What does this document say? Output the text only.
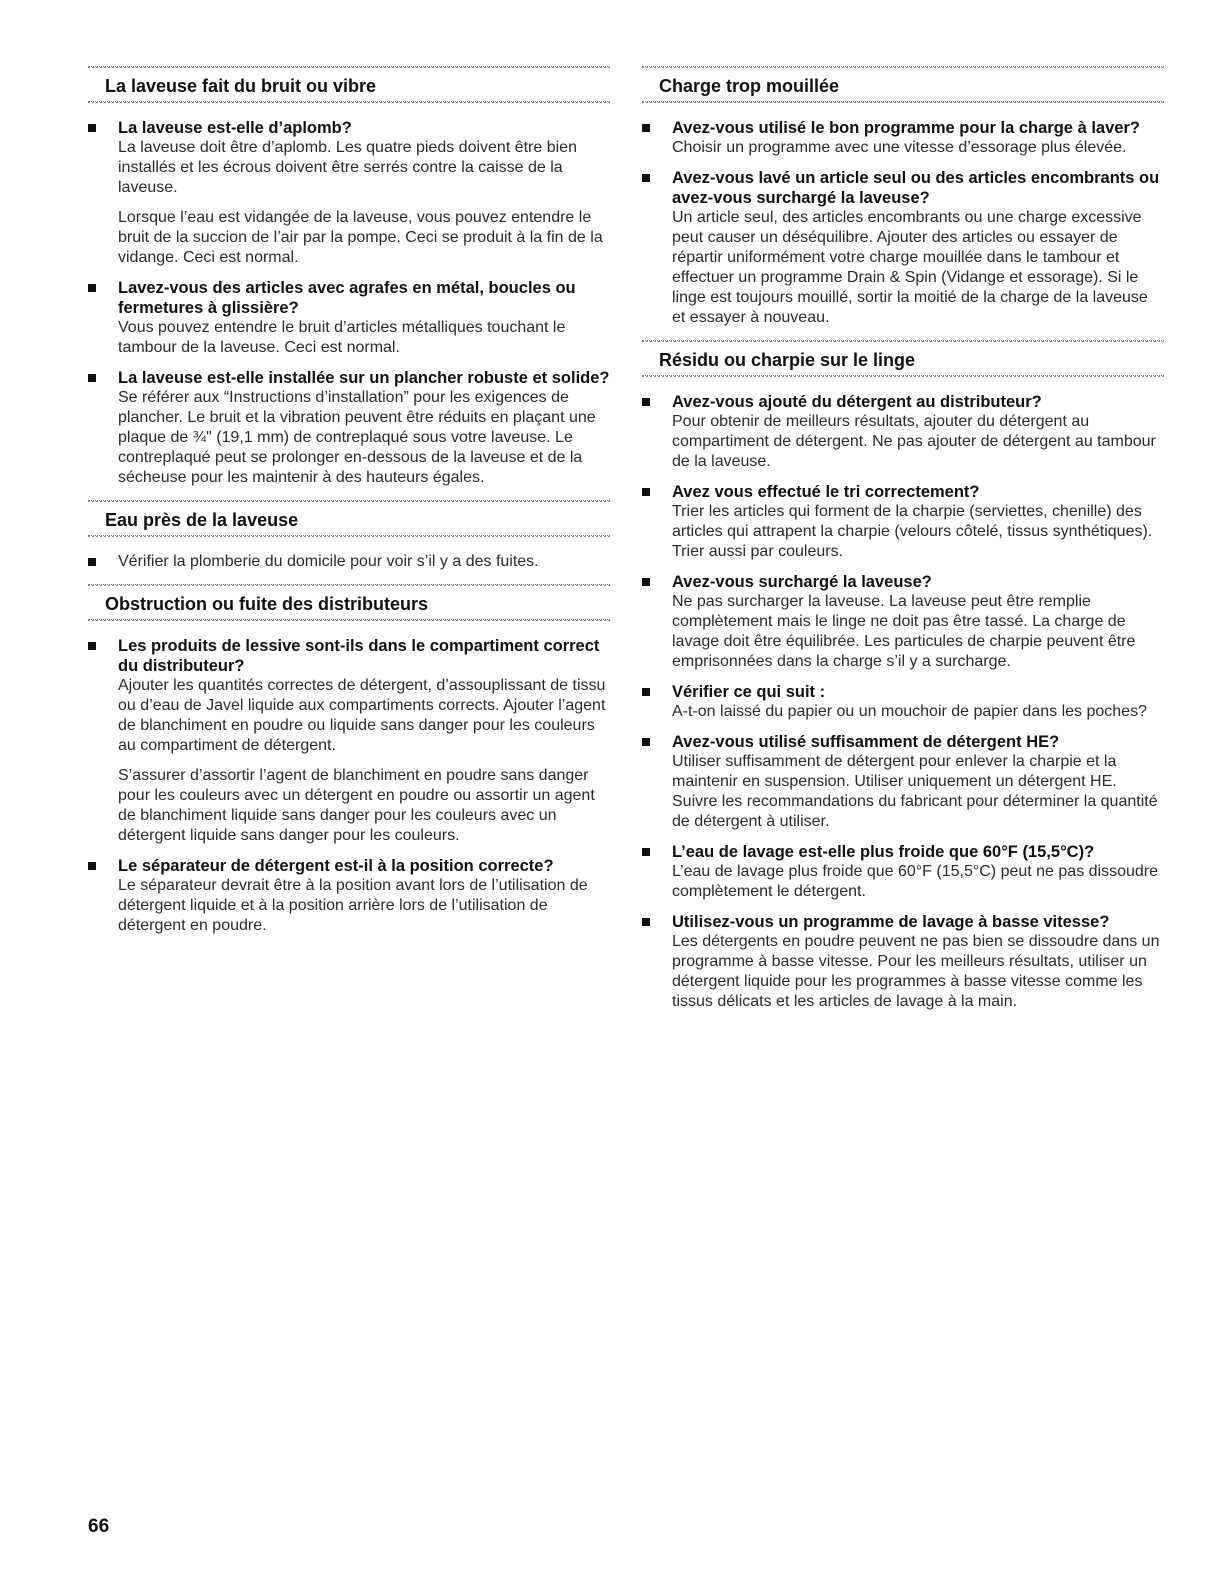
La laveuse fait du bruit ou vibre
La laveuse est-elle d’aplomb?

La laveuse doit être d’aplomb. Les quatre pieds doivent être bien installés et les écrous doivent être serrés contre la caisse de la laveuse.

Lorsque l’eau est vidangée de la laveuse, vous pouvez entendre le bruit de la succion de l’air par la pompe. Ceci se produit à la fin de la vidange. Ceci est normal.

Lavez-vous des articles avec agrafes en métal, boucles ou fermetures à glissière?

Vous pouvez entendre le bruit d’articles métalliques touchant le tambour de la laveuse. Ceci est normal.

La laveuse est-elle installée sur un plancher robuste et solide?

Se référer aux “Instructions d’installation” pour les exigences de plancher. Le bruit et la vibration peuvent être réduits en plaçant une plaque de ¾" (19,1 mm) de contreplaqué sous votre laveuse. Le contreplaqué peut se prolonger en-dessous de la laveuse et de la sécheuse pour les maintenir à des hauteurs égales.

Eau près de la laveuse

Vérifier la plomberie du domicile pour voir s’il y a des fuites.

Obstruction ou fuite des distributeurs
Les produits de lessive sont-ils dans le compartiment correct du distributeur?

Ajouter les quantités correctes de détergent, d’assouplissant de tissu ou d’eau de Javel liquide aux compartiments corrects. Ajouter l’agent de blanchiment en poudre ou liquide sans danger pour les couleurs au compartiment de détergent.

S’assurer d’assortir l’agent de blanchiment en poudre sans danger pour les couleurs avec un détergent en poudre ou assortir un agent de blanchiment liquide sans danger pour les couleurs avec un détergent liquide sans danger pour les couleurs.

Le séparateur de détergent est-il à la position correcte?

Le séparateur devrait être à la position avant lors de l’utilisation de détergent liquide et à la position arrière lors de l’utilisation de détergent en poudre.

Charge trop mouillée
Avez-vous utilisé le bon programme pour la charge à laver?

Choisir un programme avec une vitesse d’essorage plus élevée.

Avez-vous lavé un article seul ou des articles encombrants ou avez-vous surchargé la laveuse?

Un article seul, des articles encombrants ou une charge excessive peut causer un déséquilibre. Ajouter des articles ou essayer de répartir uniformément votre charge mouillée dans le tambour et effectuer un programme Drain & Spin (Vidange et essorage). Si le linge est toujours mouillé, sortir la moitié de la charge de la laveuse et essayer à nouveau.

Résidu ou charpie sur le linge
Avez-vous ajouté du détergent au distributeur?

Pour obtenir de meilleurs résultats, ajouter du détergent au compartiment de détergent. Ne pas ajouter de détergent au tambour de la laveuse.

Avez vous effectué le tri correctement?

Trier les articles qui forment de la charpie (serviettes, chenille) des articles qui attrapent la charpie (velours côtelé, tissus synthétiques). Trier aussi par couleurs.

Avez-vous surchargé la laveuse?

Ne pas surcharger la laveuse. La laveuse peut être remplie complètement mais le linge ne doit pas être tassé. La charge de lavage doit être équilibrée. Les particules de charpie peuvent être emprisonnées dans la charge s’il y a surcharge.

Vérifier ce qui suit :

A-t-on laissé du papier ou un mouchoir de papier dans les poches?

Avez-vous utilisé suffisamment de détergent HE?

Utiliser suffisamment de détergent pour enlever la charpie et la maintenir en suspension. Utiliser uniquement un détergent HE. Suivre les recommandations du fabricant pour déterminer la quantité de détergent à utiliser.

L’eau de lavage est-elle plus froide que 60°F (15,5°C)?

L’eau de lavage plus froide que 60°F (15,5°C) peut ne pas dissoudre complètement le détergent.

Utilisez-vous un programme de lavage à basse vitesse?

Les détergents en poudre peuvent ne pas bien se dissoudre dans un programme à basse vitesse. Pour les meilleurs résultats, utiliser un détergent liquide pour les programmes à basse vitesse comme les tissus délicats et les articles de lavage à la main.

66
